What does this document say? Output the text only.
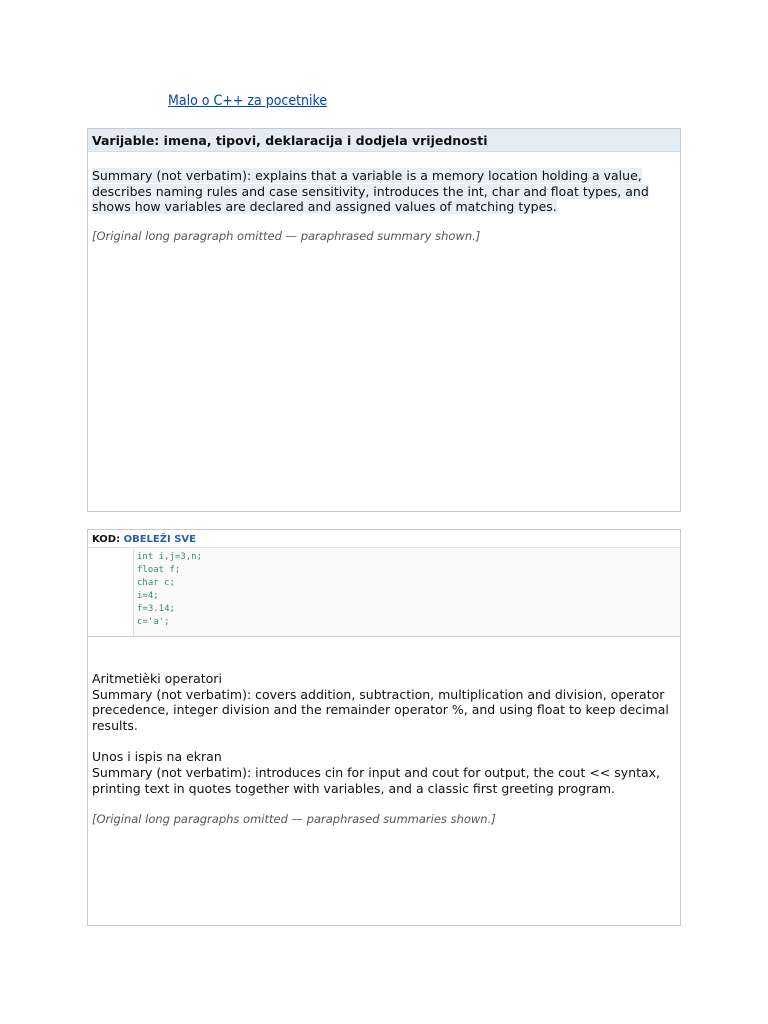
Malo o C++ za pocetnike
Varijable: imena, tipovi, deklaracija i dodjela vrijednosti

Summary (not verbatim): explains that a variable is a memory location holding a value, describes naming rules and case sensitivity, introduces the int, char and float types, and shows how variables are declared and assigned values of matching types.

[Original long paragraph omitted — paraphrased summary shown.]
KOD: OBELEŽI SVE
int i,j=3,n;
float f;
char c;
i=4;
f=3.14;
c='a';
Aritmetièki operatori
Summary (not verbatim): covers addition, subtraction, multiplication and division, operator precedence, integer division and the remainder operator %, and using float to keep decimal results.
Unos i ispis na ekran
Summary (not verbatim): introduces cin for input and cout for output, the cout << syntax, printing text in quotes together with variables, and a classic first greeting program.
[Original long paragraphs omitted — paraphrased summaries shown.]
